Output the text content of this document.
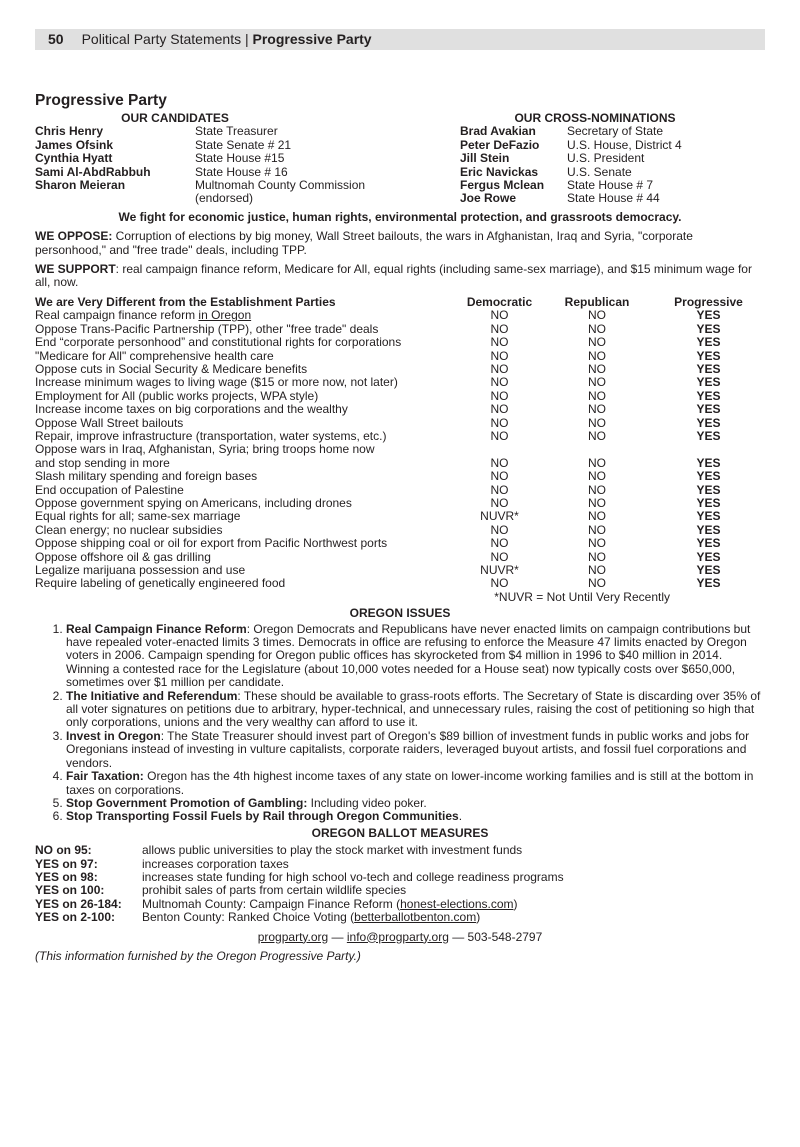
50 Political Party Statements | Progressive Party
Progressive Party
OUR CANDIDATES
Chris Henry	State Treasurer
James Ofsink	State Senate # 21
Cynthia Hyatt	State House #15
Sami Al-AbdRabbuh	State House # 16
Sharon Meieran	Multnomah County Commission
(endorsed)
OUR CROSS-NOMINATIONS
Brad Avakian	Secretary of State
Peter DeFazio	U.S. House, District 4
Jill Stein	U.S. President
Eric Navickas	U.S. Senate
Fergus Mclean	State House # 7
Joe Rowe	State House # 44
We fight for economic justice, human rights, environmental protection, and grassroots democracy.

WE OPPOSE: Corruption of elections by big money, Wall Street bailouts, the wars in Afghanistan, Iraq and Syria, "corporate personhood," and "free trade" deals, including TPP.

WE SUPPORT: real campaign finance reform, Medicare for All, equal rights (including same-sex marriage), and $15 minimum wage for all, now.

We are Very Different from the Establishment Parties	Democratic	Republican	Progressive
Real campaign finance reform in Oregon	NO	NO	YES
Oppose Trans-Pacific Partnership (TPP), other "free trade" deals	NO	NO	YES
End “corporate personhood” and constitutional rights for corporations	NO	NO	YES
"Medicare for All" comprehensive health care	NO	NO	YES
Oppose cuts in Social Security & Medicare benefits	NO	NO	YES
Increase minimum wages to living wage ($15 or more now, not later)	NO	NO	YES
Employment for All (public works projects, WPA style)	NO	NO	YES
Increase income taxes on big corporations and the wealthy	NO	NO	YES
Oppose Wall Street bailouts	NO	NO	YES
Repair, improve infrastructure (transportation, water systems, etc.)	NO	NO	YES
Oppose wars in Iraq, Afghanistan, Syria; bring troops home now			
and stop sending in more	NO	NO	YES
Slash military spending and foreign bases	NO	NO	YES
End occupation of Palestine	NO	NO	YES
Oppose government spying on Americans, including drones	NO	NO	YES
Equal rights for all; same-sex marriage	NUVR*	NO	YES
Clean energy; no nuclear subsidies	NO	NO	YES
Oppose shipping coal or oil for export from Pacific Northwest ports	NO	NO	YES
Oppose offshore oil & gas drilling	NO	NO	YES
Legalize marijuana possession and use	NUVR*	NO	YES
Require labeling of genetically engineered food	NO	NO	YES
*NUVR = Not Until Very Recently
OREGON ISSUES
1. Real Campaign Finance Reform: Oregon Democrats and Republicans have never enacted limits on campaign contributions but have repealed voter-enacted limits 3 times. Democrats in office are refusing to enforce the Measure 47 limits enacted by Oregon voters in 2006. Campaign spending for Oregon public offices has skyrocketed from $4 million in 1996 to $40 million in 2014. Winning a contested race for the Legislature (about 10,000 votes needed for a House seat) now typically costs over $650,000, sometimes over $1 million per candidate.
2. The Initiative and Referendum: These should be available to grass-roots efforts. The Secretary of State is discarding over 35% of all voter signatures on petitions due to arbitrary, hyper-technical, and unnecessary rules, raising the cost of petitioning so high that only corporations, unions and the very wealthy can afford to use it.
3. Invest in Oregon: The State Treasurer should invest part of Oregon's $89 billion of investment funds in public works and jobs for Oregonians instead of investing in vulture capitalists, corporate raiders, leveraged buyout artists, and fossil fuel corporations and vendors.
4. Fair Taxation: Oregon has the 4th highest income taxes of any state on lower-income working families and is still at the bottom in taxes on corporations.
5. Stop Government Promotion of Gambling: Including video poker.
6. Stop Transporting Fossil Fuels by Rail through Oregon Communities.
OREGON BALLOT MEASURES
NO on 95:	allows public universities to play the stock market with investment funds
YES on 97:	increases corporation taxes
YES on 98:	increases state funding for high school vo-tech and college readiness programs
YES on 100:	prohibit sales of parts from certain wildlife species
YES on 26-184:	Multnomah County: Campaign Finance Reform (honest-elections.com)
YES on 2-100:	Benton County: Ranked Choice Voting (betterballotbenton.com)
progparty.org — info@progparty.org — 503-548-2797
(This information furnished by the Oregon Progressive Party.)
